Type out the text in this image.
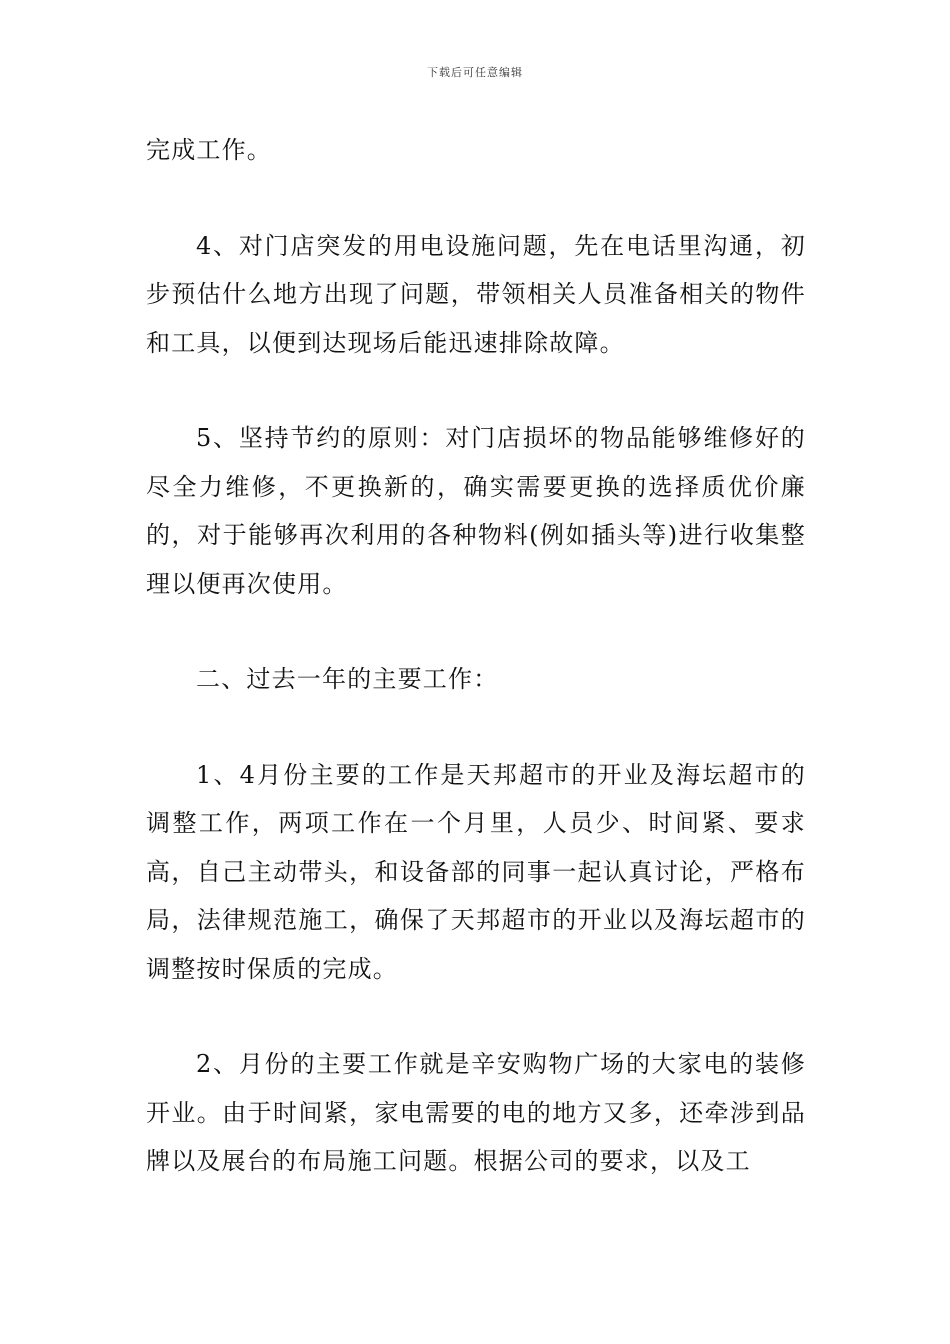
下载后可任意编辑

完成工作。

4、对门店突发的用电设施问题，先在电话里沟通，初步预估什么地方出现了问题，带领相关人员准备相关的物件和工具，以便到达现场后能迅速排除故障。

5、坚持节约的原则：对门店损坏的物品能够维修好的尽全力维修，不更换新的，确实需要更换的选择质优价廉的，对于能够再次利用的各种物料(例如插头等)进行收集整理以便再次使用。

二、过去一年的主要工作：

1、4月份主要的工作是天邦超市的开业及海坛超市的调整工作，两项工作在一个月里，人员少、时间紧、要求高，自己主动带头，和设备部的同事一起认真讨论，严格布局，法律规范施工，确保了天邦超市的开业以及海坛超市的调整按时保质的完成。

2、月份的主要工作就是辛安购物广场的大家电的装修开业。由于时间紧，家电需要的电的地方又多，还牵涉到品牌以及展台的布局施工问题。根据公司的要求，以及工
